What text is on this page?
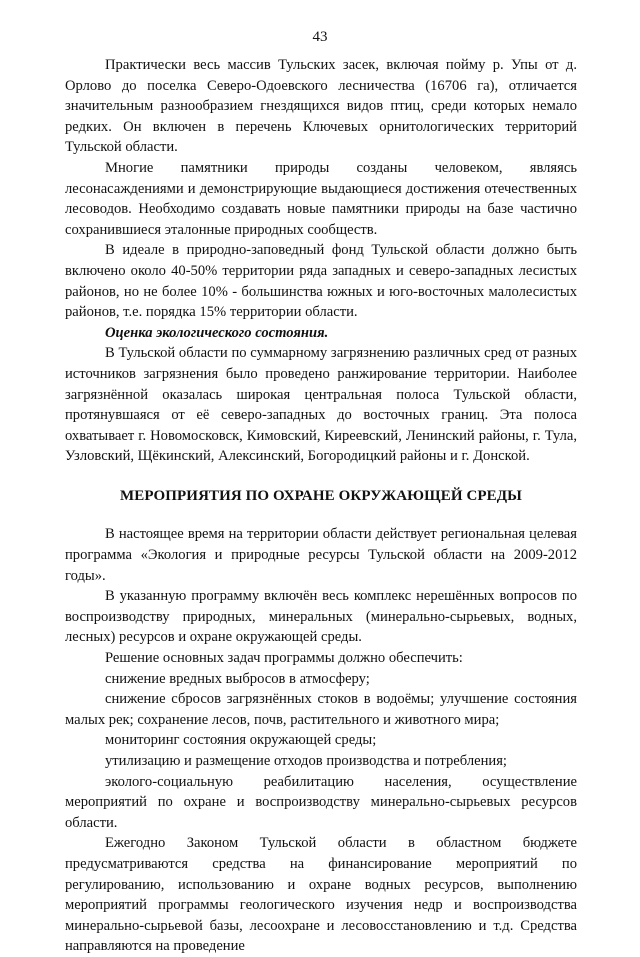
43

Практически весь массив Тульских засек, включая пойму р. Упы от д. Орлово до поселка Северо-Одоевского лесничества (16706 га), отличается значительным разнообразием гнездящихся видов птиц, среди которых немало редких. Он включен в перечень Ключевых орнитологических территорий Тульской области.

Многие памятники природы созданы человеком, являясь лесонасаждениями и демонстрирующие выдающиеся достижения отечественных лесоводов. Необходимо создавать новые памятники природы на базе частично сохранившиеся эталонные природных сообществ.

В идеале в природно-заповедный фонд Тульской области должно быть включено около 40-50% территории ряда западных и северо-западных лесистых районов, но не более 10% - большинства южных и юго-восточных малолесистых районов, т.е. порядка 15% территории области.

Оценка экологического состояния.

В Тульской области по суммарному загрязнению различных сред от разных источников загрязнения было проведено ранжирование территории. Наиболее загрязнённой оказалась широкая центральная полоса Тульской области, протянувшаяся от её северо-западных до восточных границ. Эта полоса охватывает г. Новомосковск, Кимовский, Киреевский, Ленинский районы, г. Тула, Узловский, Щёкинский, Алексинский, Богородицкий районы и г. Донской.

МЕРОПРИЯТИЯ ПО ОХРАНЕ ОКРУЖАЮЩЕЙ СРЕДЫ

В настоящее время на территории области действует региональная целевая программа «Экология и природные ресурсы Тульской области на 2009-2012 годы».

В указанную программу включён весь комплекс нерешённых вопросов по воспроизводству природных, минеральных (минерально-сырьевых, водных, лесных) ресурсов и охране окружающей среды.

Решение основных задач программы должно обеспечить:

снижение вредных выбросов в атмосферу;

снижение сбросов загрязнённых стоков в водоёмы; улучшение состояния малых рек; сохранение лесов, почв, растительного и животного мира;

мониторинг состояния окружающей среды;

утилизацию и размещение отходов производства и потребления;

эколого-социальную реабилитацию населения, осуществление мероприятий по охране и воспроизводству минерально-сырьевых ресурсов области.

Ежегодно Законом Тульской области в областном бюджете предусматриваются средства на финансирование мероприятий по регулированию, использованию и охране водных ресурсов, выполнению мероприятий программы геологического изучения недр и воспроизводства минерально-сырьевой базы, лесоохране и лесовосстановлению и т.д. Средства направляются на проведение
